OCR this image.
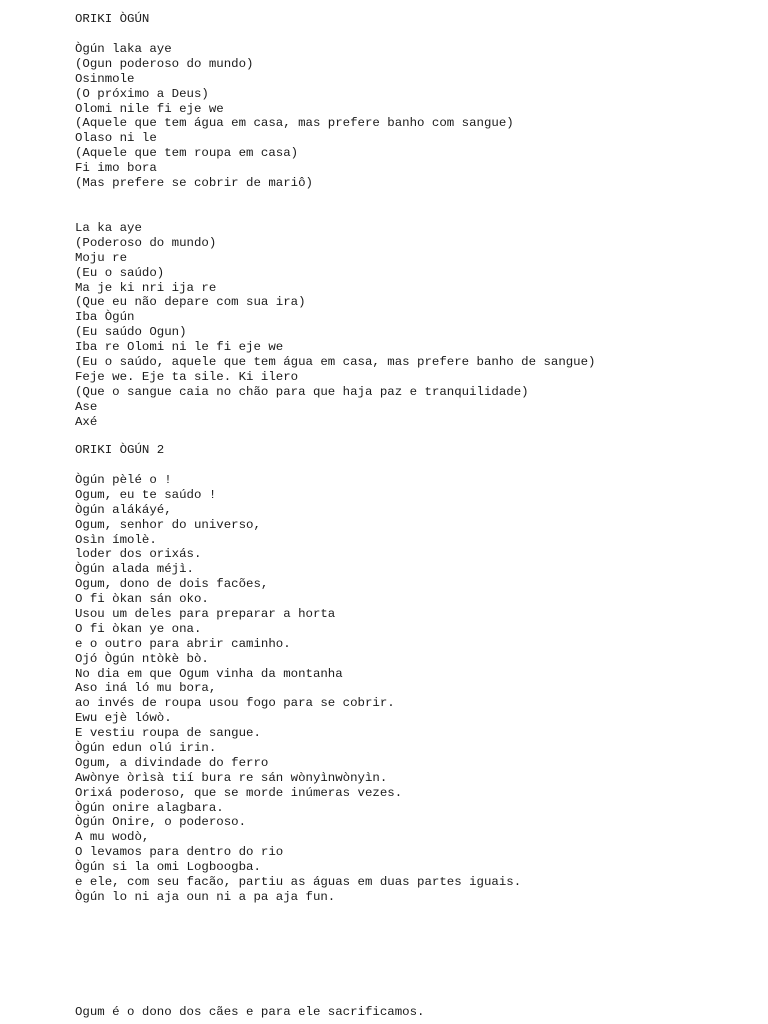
ORIKI ÒGÚN
Ògún laka aye
(Ogun poderoso do mundo)
Osinmole
(O próximo a Deus)
Olomi nile fi eje we
(Aquele que tem água em casa, mas prefere banho com sangue)
Olaso ni le
(Aquele que tem roupa em casa)
Fi imo bora
(Mas prefere se cobrir de mariô)
La ka aye
(Poderoso do mundo)
Moju re
(Eu o saúdo)
Ma je ki nri ija re
(Que eu não depare com sua ira)
Iba Ògún
(Eu saúdo Ogun)
Iba re Olomi ni le fi eje we
(Eu o saúdo, aquele que tem água em casa, mas prefere banho de sangue)
Feje we. Eje ta sile. Ki ilero
(Que o sangue caia no chão para que haja paz e tranquilidade)
Ase
Axé
ORIKI ÒGÚN 2
Ògún pèlé o !
Ogum, eu te saúdo !
Ògún alákáyé,
Ogum, senhor do universo,
Osìn ímolè.
loder dos orixás.
Ògún alada méjì.
Ogum, dono de dois facões,
O fi òkan sán oko.
Usou um deles para preparar a horta
O fi òkan ye ona.
e o outro para abrir caminho.
Ojó Ògún ntòkè bò.
No dia em que Ogum vinha da montanha
Aso iná ló mu bora,
ao invés de roupa usou fogo para se cobrir.
Ewu ejè lówò.
E vestiu roupa de sangue.
Ògún edun olú irin.
Ogum, a divindade do ferro
Awònye òrìsà tií bura re sán wònyìnwònyìn.
Orixá poderoso, que se morde inúmeras vezes.
Ògún onire alagbara.
Ògún Onire, o poderoso.
A mu wodò,
O levamos para dentro do rio
Ògún si la omi Logboogba.
e ele, com seu facão, partiu as águas em duas partes iguais.
Ògún lo ni aja oun ni a pa aja fun.
Ogum é o dono dos cães e para ele sacrificamos.
